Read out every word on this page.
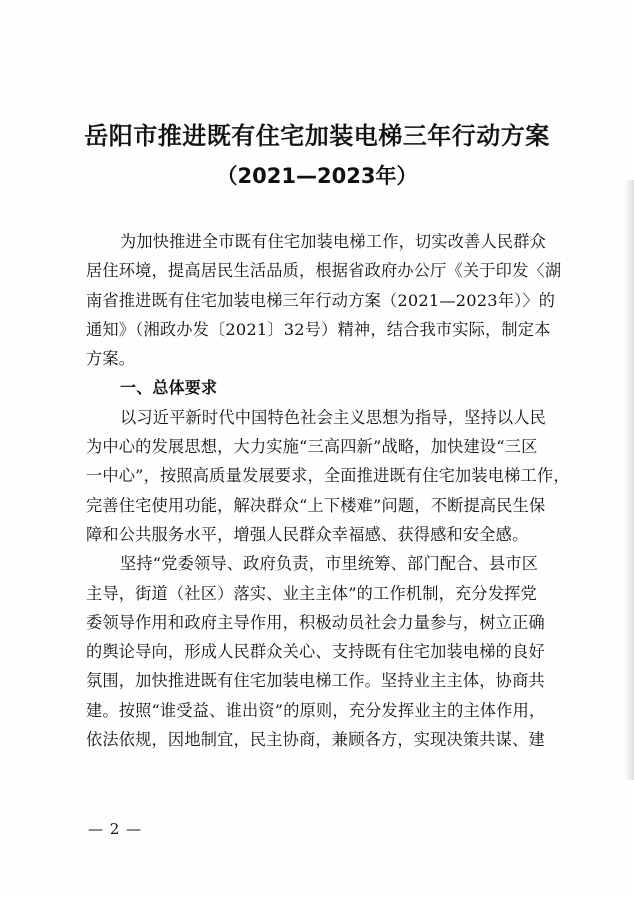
岳阳市推进既有住宅加装电梯三年行动方案
（2021—2023年）
为加快推进全市既有住宅加装电梯工作，切实改善人民群众
居住环境，提高居民生活品质，根据省政府办公厅《关于印发〈湖
南省推进既有住宅加装电梯三年行动方案（2021—2023年）〉的
通知》（湘政办发〔2021〕32号）精神，结合我市实际，制定本
方案。
一、总体要求
以习近平新时代中国特色社会主义思想为指导，坚持以人民
为中心的发展思想，大力实施“三高四新”战略，加快建设“三区
一中心”，按照高质量发展要求，全面推进既有住宅加装电梯工作，
完善住宅使用功能，解决群众“上下楼难”问题，不断提高民生保
障和公共服务水平，增强人民群众幸福感、获得感和安全感。
坚持“党委领导、政府负责，市里统筹、部门配合、县市区
主导，街道（社区）落实、业主主体”的工作机制，充分发挥党
委领导作用和政府主导作用，积极动员社会力量参与，树立正确
的舆论导向，形成人民群众关心、支持既有住宅加装电梯的良好
氛围，加快推进既有住宅加装电梯工作。坚持业主主体，协商共
建。按照“谁受益、谁出资”的原则，充分发挥业主的主体作用，
依法依规，因地制宜，民主协商，兼顾各方，实现决策共谋、建
— 2 —
